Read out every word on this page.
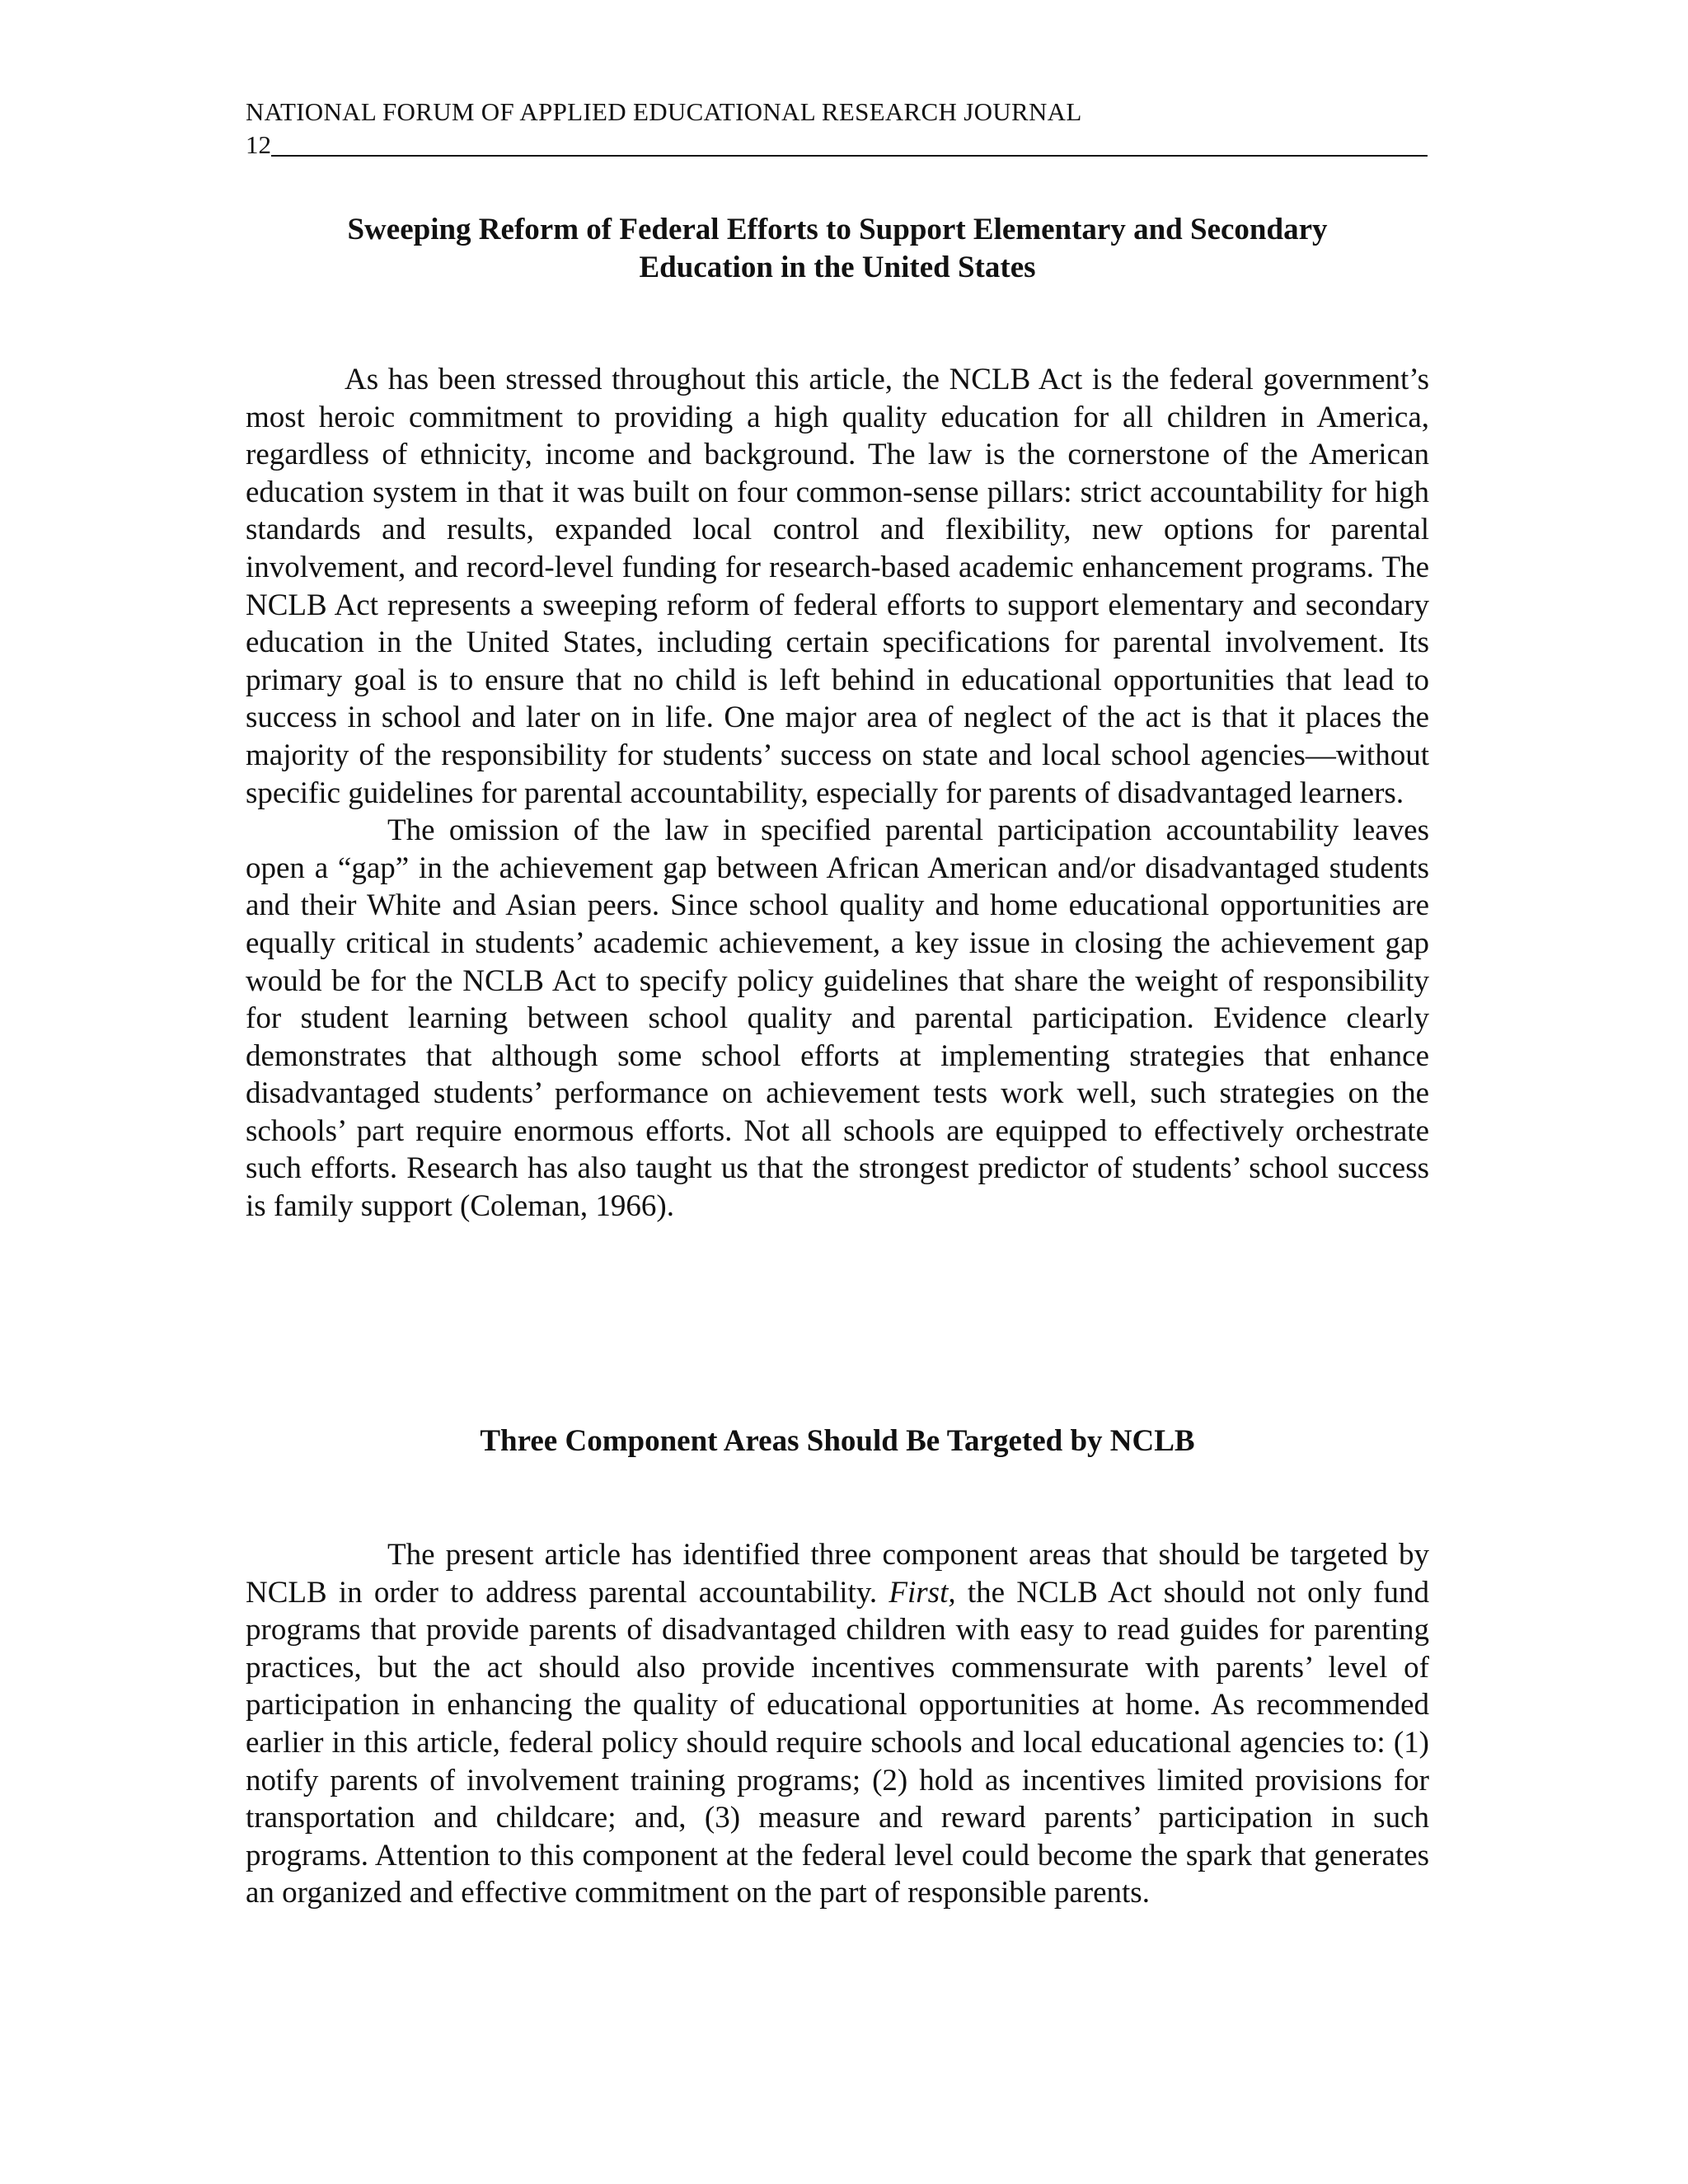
NATIONAL FORUM OF APPLIED EDUCATIONAL RESEARCH JOURNAL
12
Sweeping Reform of Federal Efforts to Support Elementary and Secondary
Education in the United States

As has been stressed throughout this article, the NCLB Act is the federal government’s most heroic commitment to providing a high quality education for all children in America, regardless of ethnicity, income and background. The law is the cornerstone of the American education system in that it was built on four common-sense pillars: strict accountability for high standards and results, expanded local control and flexibility, new options for parental involvement, and record-level funding for research-based academic enhancement programs. The NCLB Act represents a sweeping reform of federal efforts to support elementary and secondary education in the United States, including certain specifications for parental involvement. Its primary goal is to ensure that no child is left behind in educational opportunities that lead to success in school and later on in life. One major area of neglect of the act is that it places the majority of the responsibility for students’ success on state and local school agencies—without specific guidelines for parental accountability, especially for parents of disadvantaged learners.

The omission of the law in specified parental participation accountability leaves open a “gap” in the achievement gap between African American and/or disadvantaged students and their White and Asian peers. Since school quality and home educational opportunities are equally critical in students’ academic achievement, a key issue in closing the achievement gap would be for the NCLB Act to specify policy guidelines that share the weight of responsibility for student learning between school quality and parental participation. Evidence clearly demonstrates that although some school efforts at implementing strategies that enhance disadvantaged students’ performance on achievement tests work well, such strategies on the schools’ part require enormous efforts. Not all schools are equipped to effectively orchestrate such efforts. Research has also taught us that the strongest predictor of students’ school success is family support (Coleman, 1966).

Three Component Areas Should Be Targeted by NCLB

The present article has identified three component areas that should be targeted by NCLB in order to address parental accountability. First, the NCLB Act should not only fund programs that provide parents of disadvantaged children with easy to read guides for parenting practices, but the act should also provide incentives commensurate with parents’ level of participation in enhancing the quality of educational opportunities at home. As recommended earlier in this article, federal policy should require schools and local educational agencies to: (1) notify parents of involvement training programs; (2) hold as incentives limited provisions for transportation and childcare; and, (3) measure and reward parents’ participation in such programs. Attention to this component at the federal level could become the spark that generates an organized and effective commitment on the part of responsible parents.
